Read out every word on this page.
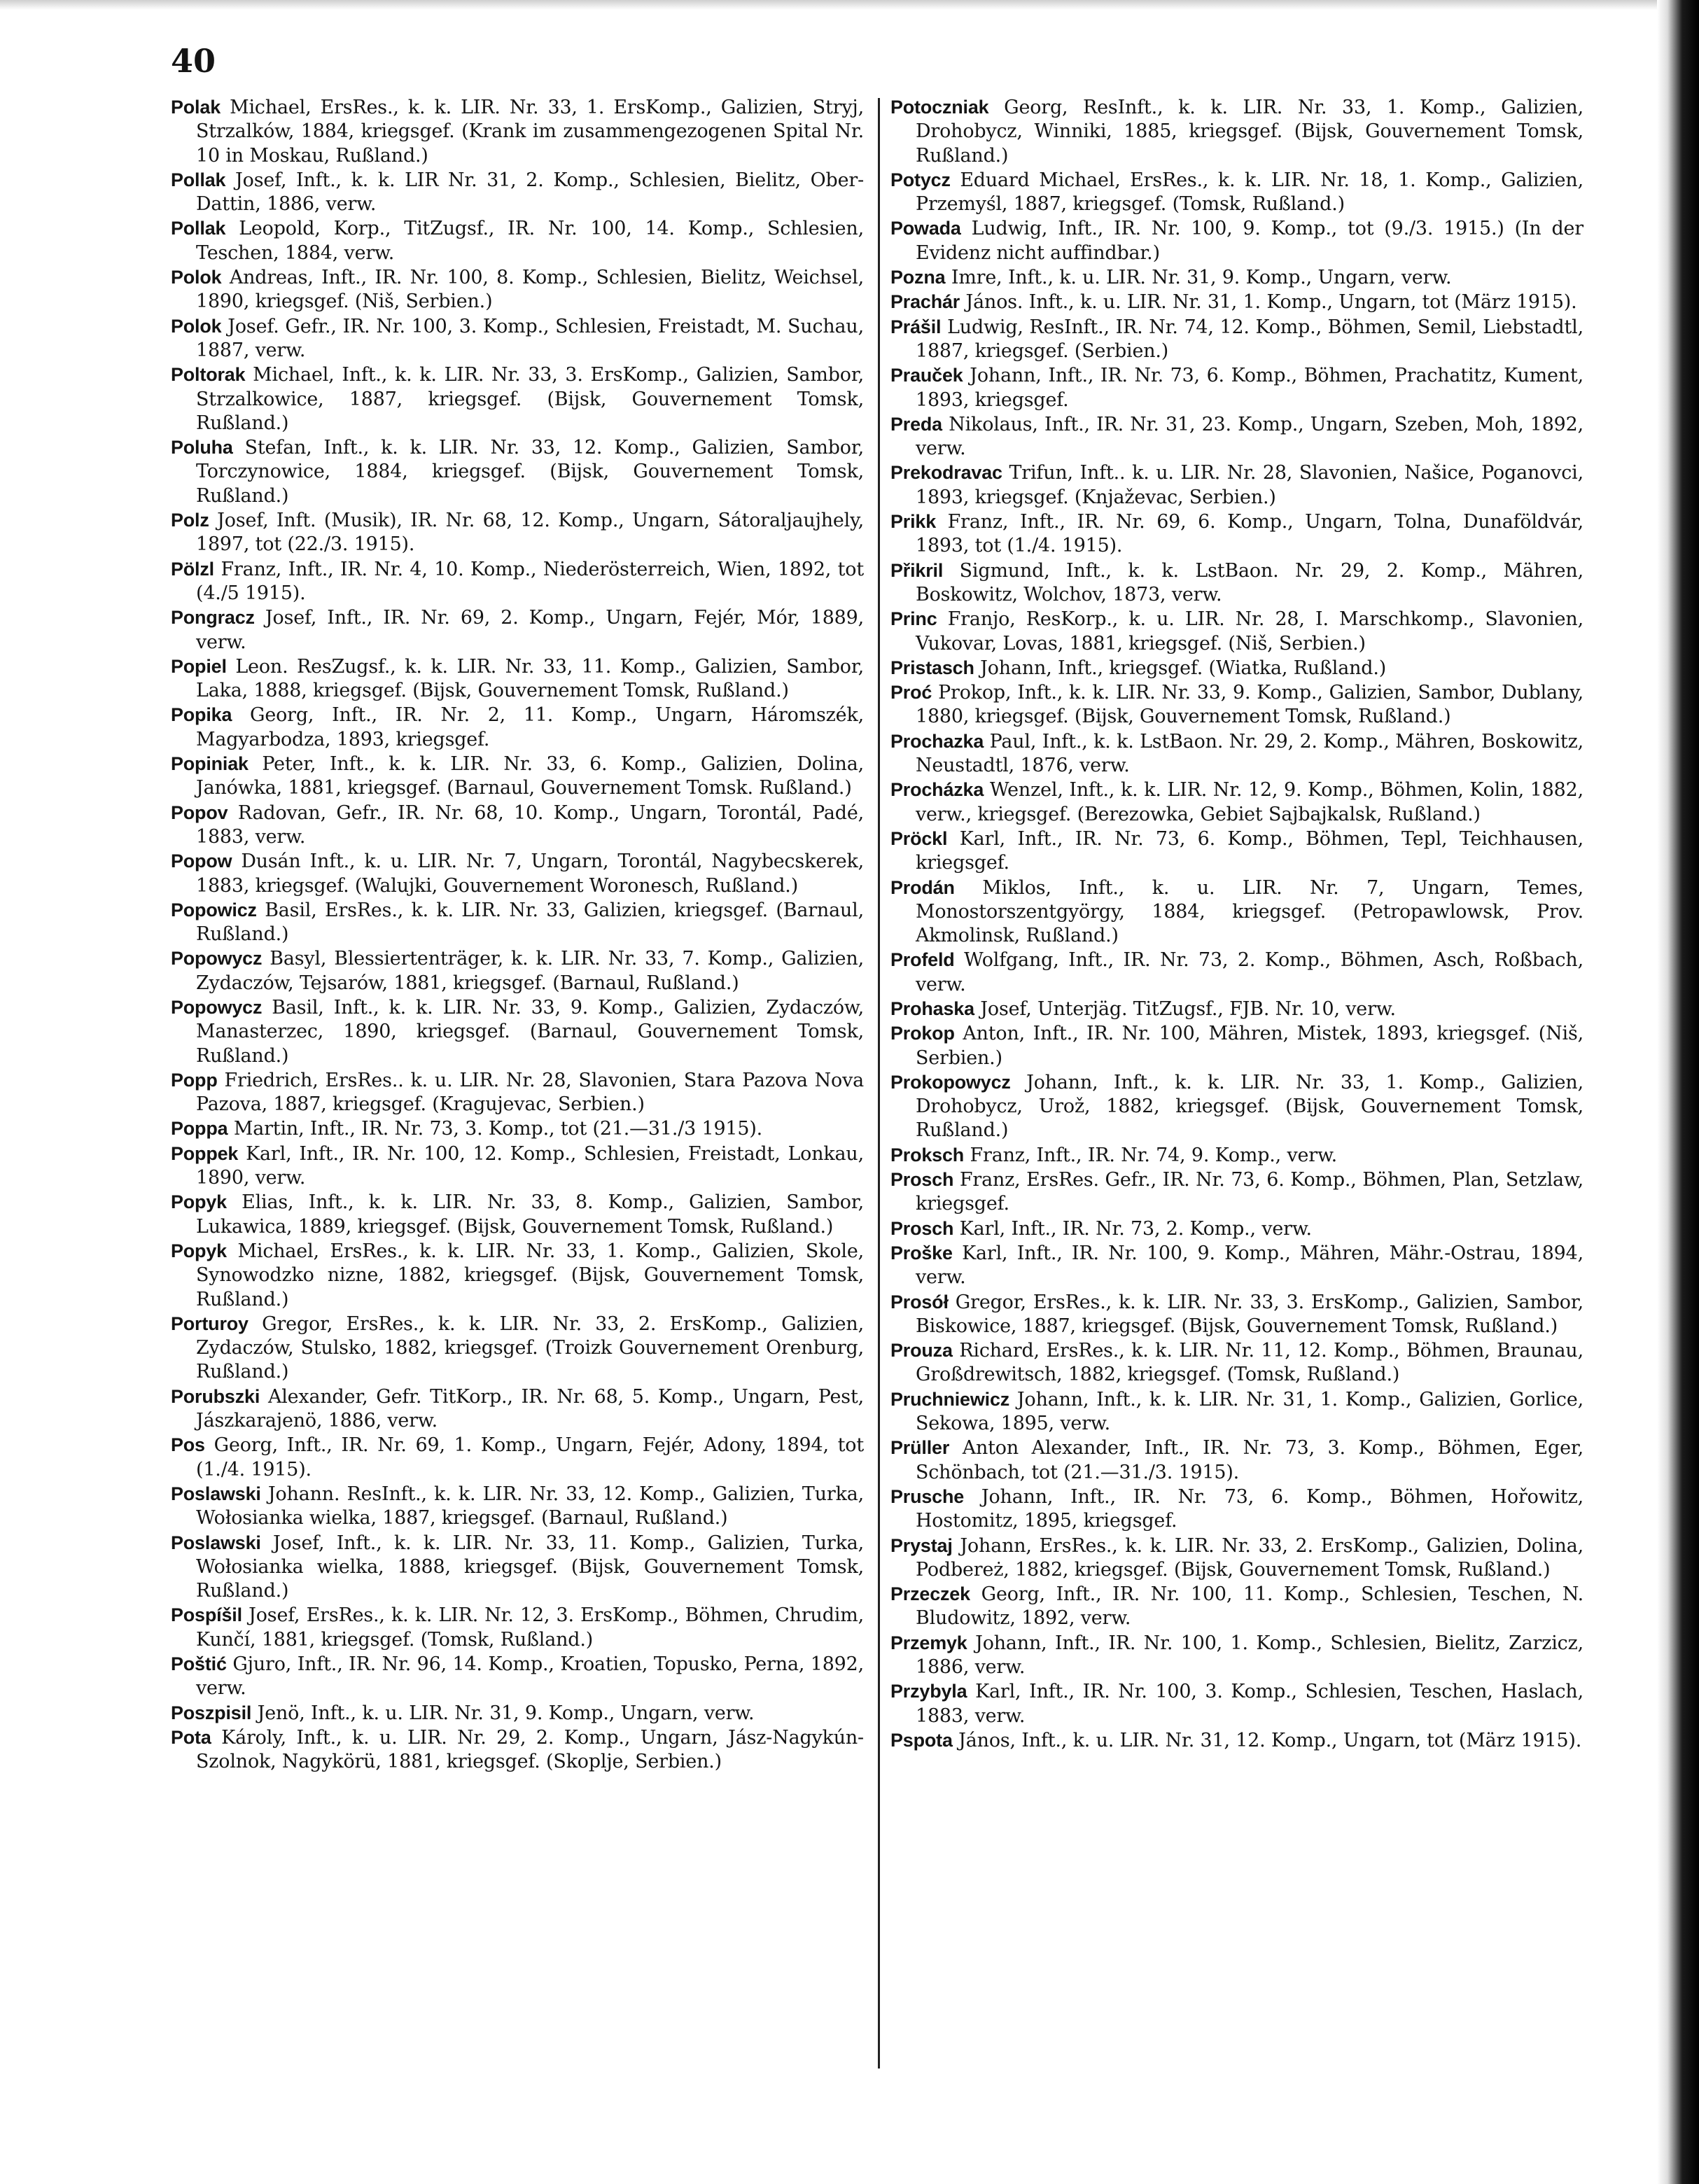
40

Polak Michael, ErsRes., k. k. LIR. Nr. 33, 1. ErsKomp., Galizien, Stryj, Strzalków, 1884, kriegsgef. (Krank im zusammengezogenen Spital Nr. 10 in Moskau, Rußland.)

Pollak Josef, Inft., k. k. LIR Nr. 31, 2. Komp., Schlesien, Bielitz, Ober-Dattin, 1886, verw.

Pollak Leopold, Korp., TitZugsf., IR. Nr. 100, 14. Komp., Schlesien, Teschen, 1884, verw.

Polok Andreas, Inft., IR. Nr. 100, 8. Komp., Schlesien, Bielitz, Weichsel, 1890, kriegsgef. (Niš, Serbien.)

Polok Josef. Gefr., IR. Nr. 100, 3. Komp., Schlesien, Freistadt, M. Suchau, 1887, verw.

Poltorak Michael, Inft., k. k. LIR. Nr. 33, 3. ErsKomp., Galizien, Sambor, Strzalkowice, 1887, kriegsgef. (Bijsk, Gouvernement Tomsk, Rußland.)

Poluha Stefan, Inft., k. k. LIR. Nr. 33, 12. Komp., Galizien, Sambor, Torczynowice, 1884, kriegsgef. (Bijsk, Gouvernement Tomsk, Rußland.)

Polz Josef, Inft. (Musik), IR. Nr. 68, 12. Komp., Ungarn, Sátoraljaujhely, 1897, tot (22./3. 1915).

Pölzl Franz, Inft., IR. Nr. 4, 10. Komp., Niederösterreich, Wien, 1892, tot (4./5 1915).

Pongracz Josef, Inft., IR. Nr. 69, 2. Komp., Ungarn, Fejér, Mór, 1889, verw.

Popiel Leon. ResZugsf., k. k. LIR. Nr. 33, 11. Komp., Galizien, Sambor, Laka, 1888, kriegsgef. (Bijsk, Gouvernement Tomsk, Rußland.)

Popika Georg, Inft., IR. Nr. 2, 11. Komp., Ungarn, Háromszék, Magyarbodza, 1893, kriegsgef.

Popiniak Peter, Inft., k. k. LIR. Nr. 33, 6. Komp., Galizien, Dolina, Janówka, 1881, kriegsgef. (Barnaul, Gouvernement Tomsk. Rußland.)

Popov Radovan, Gefr., IR. Nr. 68, 10. Komp., Ungarn, Torontál, Padé, 1883, verw.

Popow Dusán Inft., k. u. LIR. Nr. 7, Ungarn, Torontál, Nagybecskerek, 1883, kriegsgef. (Walujki, Gouvernement Woronesch, Rußland.)

Popowicz Basil, ErsRes., k. k. LIR. Nr. 33, Galizien, kriegsgef. (Barnaul, Rußland.)

Popowycz Basyl, Blessiertenträger, k. k. LIR. Nr. 33, 7. Komp., Galizien, Zydaczów, Tejsarów, 1881, kriegsgef. (Barnaul, Rußland.)

Popowycz Basil, Inft., k. k. LIR. Nr. 33, 9. Komp., Galizien, Zydaczów, Manasterzec, 1890, kriegsgef. (Barnaul, Gouvernement Tomsk, Rußland.)

Popp Friedrich, ErsRes.. k. u. LIR. Nr. 28, Slavonien, Stara Pazova Nova Pazova, 1887, kriegsgef. (Kragujevac, Serbien.)

Poppa Martin, Inft., IR. Nr. 73, 3. Komp., tot (21.—31./3 1915).

Poppek Karl, Inft., IR. Nr. 100, 12. Komp., Schlesien, Freistadt, Lonkau, 1890, verw.

Popyk Elias, Inft., k. k. LIR. Nr. 33, 8. Komp., Galizien, Sambor, Lukawica, 1889, kriegsgef. (Bijsk, Gouvernement Tomsk, Rußland.)

Popyk Michael, ErsRes., k. k. LIR. Nr. 33, 1. Komp., Galizien, Skole, Synowodzko nizne, 1882, kriegsgef. (Bijsk, Gouvernement Tomsk, Rußland.)

Porturoy Gregor, ErsRes., k. k. LIR. Nr. 33, 2. ErsKomp., Galizien, Zydaczów, Stulsko, 1882, kriegsgef. (Troizk Gouvernement Orenburg, Rußland.)

Porubszki Alexander, Gefr. TitKorp., IR. Nr. 68, 5. Komp., Ungarn, Pest, Jászkarajenö, 1886, verw.

Pos Georg, Inft., IR. Nr. 69, 1. Komp., Ungarn, Fejér, Adony, 1894, tot (1./4. 1915).

Poslawski Johann. ResInft., k. k. LIR. Nr. 33, 12. Komp., Galizien, Turka, Wołosianka wielka, 1887, kriegsgef. (Barnaul, Rußland.)

Poslawski Josef, Inft., k. k. LIR. Nr. 33, 11. Komp., Galizien, Turka, Wołosianka wielka, 1888, kriegsgef. (Bijsk, Gouvernement Tomsk, Rußland.)

Pospíšil Josef, ErsRes., k. k. LIR. Nr. 12, 3. ErsKomp., Böhmen, Chrudim, Kunčí, 1881, kriegsgef. (Tomsk, Rußland.)

Poštić Gjuro, Inft., IR. Nr. 96, 14. Komp., Kroatien, Topusko, Perna, 1892, verw.

Poszpisil Jenö, Inft., k. u. LIR. Nr. 31, 9. Komp., Ungarn, verw.

Pota Károly, Inft., k. u. LIR. Nr. 29, 2. Komp., Ungarn, Jász-Nagykún-Szolnok, Nagykörü, 1881, kriegsgef. (Skoplje, Serbien.)

Potoczniak Georg, ResInft., k. k. LIR. Nr. 33, 1. Komp., Galizien, Drohobycz, Winniki, 1885, kriegsgef. (Bijsk, Gouvernement Tomsk, Rußland.)

Potycz Eduard Michael, ErsRes., k. k. LIR. Nr. 18, 1. Komp., Galizien, Przemyśl, 1887, kriegsgef. (Tomsk, Rußland.)

Powada Ludwig, Inft., IR. Nr. 100, 9. Komp., tot (9./3. 1915.) (In der Evidenz nicht auffindbar.)

Pozna Imre, Inft., k. u. LIR. Nr. 31, 9. Komp., Ungarn, verw.

Prachár János. Inft., k. u. LIR. Nr. 31, 1. Komp., Ungarn, tot (März 1915).

Prášil Ludwig, ResInft., IR. Nr. 74, 12. Komp., Böhmen, Semil, Liebstadtl, 1887, kriegsgef. (Serbien.)

Prauček Johann, Inft., IR. Nr. 73, 6. Komp., Böhmen, Prachatitz, Kument, 1893, kriegsgef.

Preda Nikolaus, Inft., IR. Nr. 31, 23. Komp., Ungarn, Szeben, Moh, 1892, verw.

Prekodravac Trifun, Inft.. k. u. LIR. Nr. 28, Slavonien, Našice, Poganovci, 1893, kriegsgef. (Knjaževac, Serbien.)

Prikk Franz, Inft., IR. Nr. 69, 6. Komp., Ungarn, Tolna, Dunaföldvár, 1893, tot (1./4. 1915).

Přikril Sigmund, Inft., k. k. LstBaon. Nr. 29, 2. Komp., Mähren, Boskowitz, Wolchov, 1873, verw.

Princ Franjo, ResKorp., k. u. LIR. Nr. 28, I. Marschkomp., Slavonien, Vukovar, Lovas, 1881, kriegsgef. (Niš, Serbien.)

Pristasch Johann, Inft., kriegsgef. (Wiatka, Rußland.)

Proć Prokop, Inft., k. k. LIR. Nr. 33, 9. Komp., Galizien, Sambor, Dublany, 1880, kriegsgef. (Bijsk, Gouvernement Tomsk, Rußland.)

Prochazka Paul, Inft., k. k. LstBaon. Nr. 29, 2. Komp., Mähren, Boskowitz, Neustadtl, 1876, verw.

Procházka Wenzel, Inft., k. k. LIR. Nr. 12, 9. Komp., Böhmen, Kolin, 1882, verw., kriegsgef. (Berezowka, Gebiet Sajbajkalsk, Rußland.)

Pröckl Karl, Inft., IR. Nr. 73, 6. Komp., Böhmen, Tepl, Teichhausen, kriegsgef.

Prodán Miklos, Inft., k. u. LIR. Nr. 7, Ungarn, Temes, Monostorszentgyörgy, 1884, kriegsgef. (Petropawlowsk, Prov. Akmolinsk, Rußland.)

Profeld Wolfgang, Inft., IR. Nr. 73, 2. Komp., Böhmen, Asch, Roßbach, verw.

Prohaska Josef, Unterjäg. TitZugsf., FJB. Nr. 10, verw.

Prokop Anton, Inft., IR. Nr. 100, Mähren, Mistek, 1893, kriegsgef. (Niš, Serbien.)

Prokopowycz Johann, Inft., k. k. LIR. Nr. 33, 1. Komp., Galizien, Drohobycz, Urož, 1882, kriegsgef. (Bijsk, Gouvernement Tomsk, Rußland.)

Proksch Franz, Inft., IR. Nr. 74, 9. Komp., verw.

Prosch Franz, ErsRes. Gefr., IR. Nr. 73, 6. Komp., Böhmen, Plan, Setzlaw, kriegsgef.

Prosch Karl, Inft., IR. Nr. 73, 2. Komp., verw.

Proške Karl, Inft., IR. Nr. 100, 9. Komp., Mähren, Mähr.-Ostrau, 1894, verw.

Prosół Gregor, ErsRes., k. k. LIR. Nr. 33, 3. ErsKomp., Galizien, Sambor, Biskowice, 1887, kriegsgef. (Bijsk, Gouvernement Tomsk, Rußland.)

Prouza Richard, ErsRes., k. k. LIR. Nr. 11, 12. Komp., Böhmen, Braunau, Großdrewitsch, 1882, kriegsgef. (Tomsk, Rußland.)

Pruchniewicz Johann, Inft., k. k. LIR. Nr. 31, 1. Komp., Galizien, Gorlice, Sekowa, 1895, verw.

Prüller Anton Alexander, Inft., IR. Nr. 73, 3. Komp., Böhmen, Eger, Schönbach, tot (21.—31./3. 1915).

Prusche Johann, Inft., IR. Nr. 73, 6. Komp., Böhmen, Hořowitz, Hostomitz, 1895, kriegsgef.

Prystaj Johann, ErsRes., k. k. LIR. Nr. 33, 2. ErsKomp., Galizien, Dolina, Podbereż, 1882, kriegsgef. (Bijsk, Gouvernement Tomsk, Rußland.)

Przeczek Georg, Inft., IR. Nr. 100, 11. Komp., Schlesien, Teschen, N. Bludowitz, 1892, verw.

Przemyk Johann, Inft., IR. Nr. 100, 1. Komp., Schlesien, Bielitz, Zarzicz, 1886, verw.

Przybyla Karl, Inft., IR. Nr. 100, 3. Komp., Schlesien, Teschen, Haslach, 1883, verw.

Pspota János, Inft., k. u. LIR. Nr. 31, 12. Komp., Ungarn, tot (März 1915).
